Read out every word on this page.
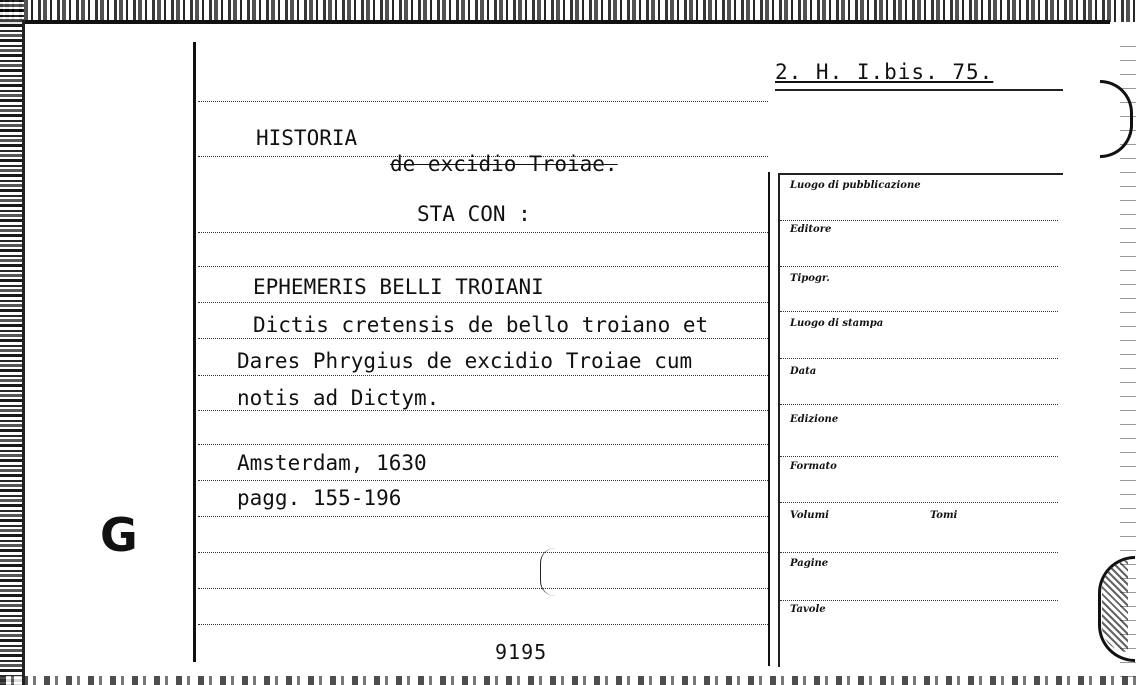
G
2. H. I.bis. 75.
HISTORIA
de excidio Troiae.
STA CON :
EPHEMERIS BELLI TROIANI
Dictis cretensis de bello troiano et
Dares Phrygius de excidio Troiae cum
notis ad Dictym.
Amsterdam, 1630
pagg. 155-196
Luogo di pubblicazione
Editore
Tipogr.
Luogo di stampa
Data
Edizione
Formato
Volumi	Tomi
Pagine
Tavole
9195
